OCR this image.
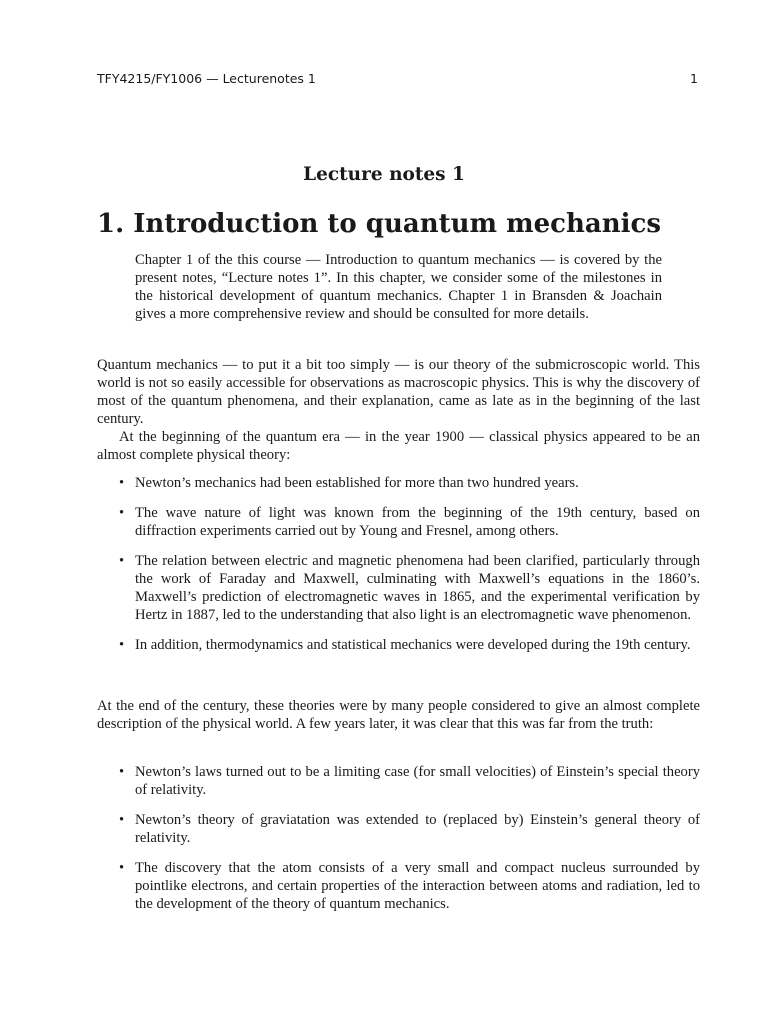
TFY4215/FY1006 — Lecturenotes 1	1
Lecture notes 1
1. Introduction to quantum mechanics
Chapter 1 of the this course — Introduction to quantum mechanics — is covered by the present notes, “Lecture notes 1”. In this chapter, we consider some of the milestones in the historical development of quantum mechanics. Chapter 1 in Bransden & Joachain gives a more comprehensive review and should be consulted for more details.

Quantum mechanics — to put it a bit too simply — is our theory of the submicroscopic world. This world is not so easily accessible for observations as macroscopic physics. This is why the discovery of most of the quantum phenomena, and their explanation, came as late as in the beginning of the last century.

At the beginning of the quantum era — in the year 1900 — classical physics appeared to be an almost complete physical theory:

• Newton’s mechanics had been established for more than two hundred years.
• The wave nature of light was known from the beginning of the 19th century, based on diffraction experiments carried out by Young and Fresnel, among others.
• The relation between electric and magnetic phenomena had been clarified, particularly through the work of Faraday and Maxwell, culminating with Maxwell’s equations in the 1860’s. Maxwell’s prediction of electromagnetic waves in 1865, and the experimental verification by Hertz in 1887, led to the understanding that also light is an electromagnetic wave phenomenon.
• In addition, thermodynamics and statistical mechanics were developed during the 19th century.

At the end of the century, these theories were by many people considered to give an almost complete description of the physical world. A few years later, it was clear that this was far from the truth:

• Newton’s laws turned out to be a limiting case (for small velocities) of Einstein’s special theory of relativity.
• Newton’s theory of graviatation was extended to (replaced by) Einstein’s general theory of relativity.
• The discovery that the atom consists of a very small and compact nucleus surrounded by pointlike electrons, and certain properties of the interaction between atoms and radiation, led to the development of the theory of quantum mechanics.
